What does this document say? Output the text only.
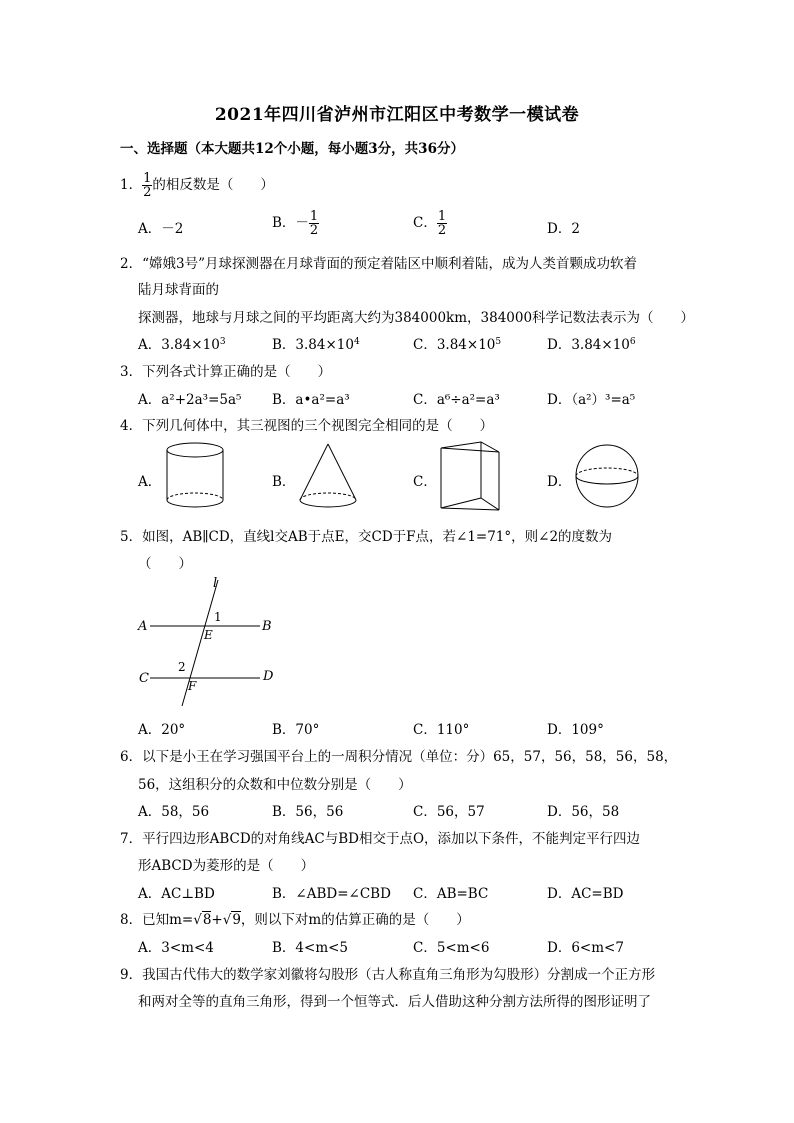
2021年四川省泸州市江阳区中考数学一模试卷
一、选择题（本大题共12个小题，每小题3分，共36分）
1． $\frac{1}{2}$ 的相反数是（　　）
A．－2	B．－ $\frac{1}{2}$	C． $\frac{1}{2}$	D．2
2．“嫦娥3号”月球探测器在月球背面的预定着陆区中顺利着陆，成为人类首颗成功软着
陆月球背面的
探测器，地球与月球之间的平均距离大约为384000km，384000科学记数法表示为（　　）
A．$3.84\times 10^3$	B．$3.84\times 10^4$	C．$3.84\times 10^5$	D．$3.84\times 10^6$
3．下列各式计算正确的是（　　）
A．a²+2a³=5a⁵ B．a•a²=a³	C．a⁶÷a²=a³	D．（a²）³=a⁵
4．下列几何体中，其三视图的三个视图完全相同的是（　　）
A．	B．	C．	D．
5．如图，AB∥CD，直线l交AB于点E，交CD于F点，若∠1=71°，则∠2的度数为
（　　）
l
A	B
C	D
E
F
1
2
A．20°	B．70°	C．110°	D．109°
6．以下是小王在学习强国平台上的一周积分情况（单位：分）65，57，56，58，56，58，
56，这组积分的众数和中位数分别是（　　）
A．58，56	B．56，56	C．56，57	D．56，58
7．平行四边形ABCD的对角线AC与BD相交于点O，添加以下条件，不能判定平行四边
形ABCD为菱形的是（　　）
A．AC⊥BD	B．∠ABD=∠CBD C．AB=BC	D．AC=BD
8．已知m=√8+√9，则以下对m的估算正确的是（　　）
A．3<m<4	B．4<m<5	C．5<m<6	D．6<m<7
9．我国古代伟大的数学家刘徽将勾股形（古人称直角三角形为勾股形）分割成一个正方形
和两对全等的直角三角形，得到一个恒等式．后人借助这种分割方法所得的图形证明了
